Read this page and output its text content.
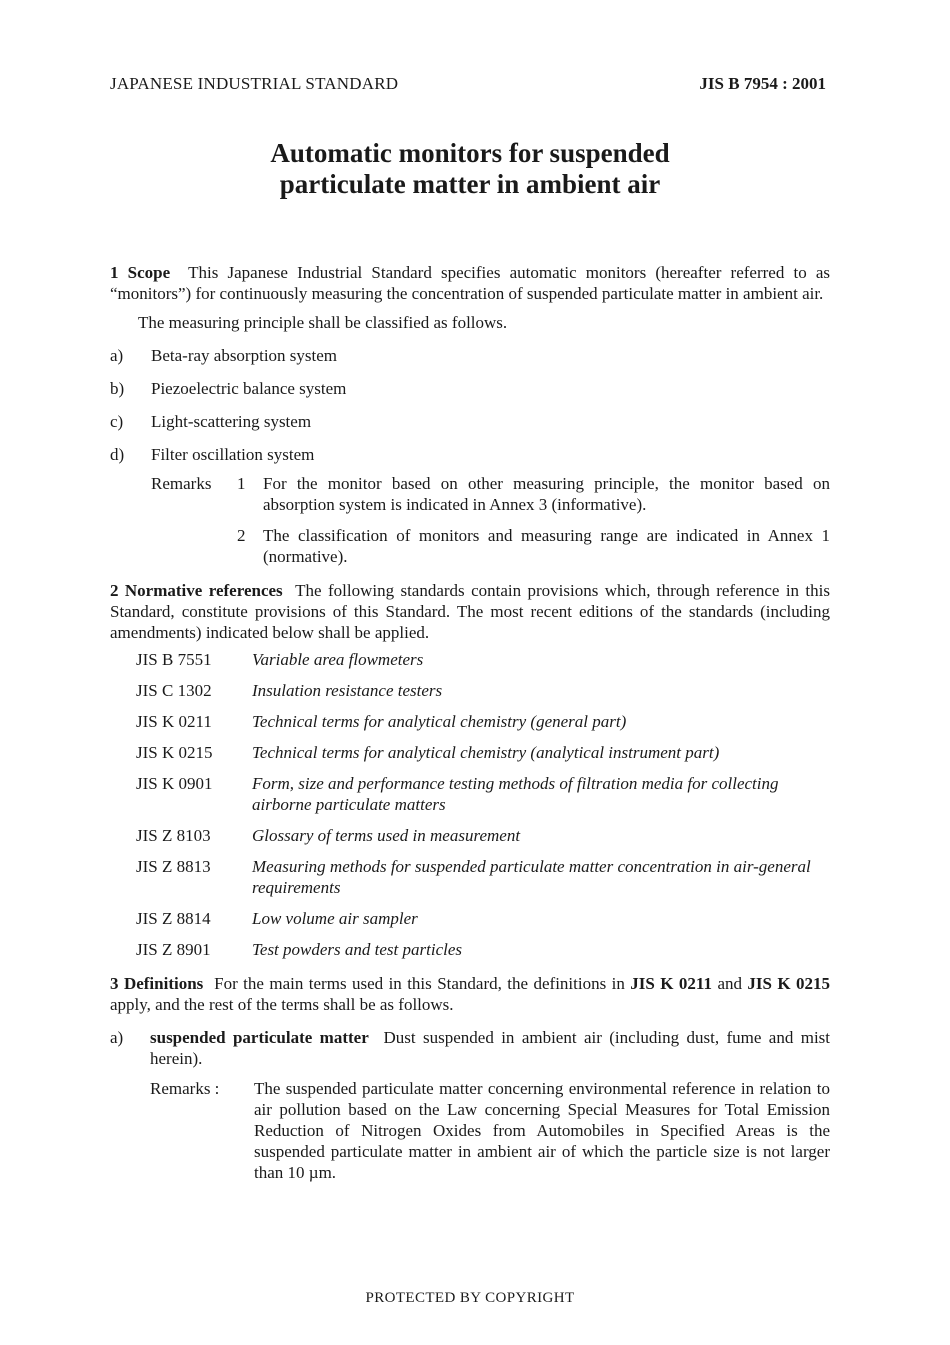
JAPANESE INDUSTRIAL STANDARD	JIS B 7954 : 2001
Automatic monitors for suspended
particulate matter in ambient air

1 Scope This Japanese Industrial Standard specifies automatic monitors (hereafter referred to as “monitors”) for continuously measuring the concentration of suspended particulate matter in ambient air.

The measuring principle shall be classified as follows.

a) Beta-ray absorption system
b) Piezoelectric balance system
c) Light-scattering system
d) Filter oscillation system
Remarks	1	For the monitor based on other measuring principle, the monitor based on absorption system is indicated in Annex 3 (informative).
2	The classification of monitors and measuring range are indicated in Annex 1 (normative).

2 Normative references The following standards contain provisions which, through reference in this Standard, constitute provisions of this Standard. The most recent editions of the standards (including amendments) indicated below shall be applied.

JIS B 7551	Variable area flowmeters
JIS C 1302	Insulation resistance testers
JIS K 0211	Technical terms for analytical chemistry (general part)
JIS K 0215	Technical terms for analytical chemistry (analytical instrument part)
JIS K 0901	Form, size and performance testing methods of filtration media for collecting airborne particulate matters
JIS Z 8103	Glossary of terms used in measurement
JIS Z 8813	Measuring methods for suspended particulate matter concentration in air-general requirements
JIS Z 8814	Low volume air sampler
JIS Z 8901	Test powders and test particles

3 Definitions For the main terms used in this Standard, the definitions in JIS K 0211 and JIS K 0215 apply, and the rest of the terms shall be as follows.

a) suspended particulate matter Dust suspended in ambient air (including dust, fume and mist herein).
Remarks :	The suspended particulate matter concerning environmental reference in relation to air pollution based on the Law concerning Special Measures for Total Emission Reduction of Nitrogen Oxides from Automobiles in Specified Areas is the suspended particulate matter in ambient air of which the particle size is not larger than 10 µm.
PROTECTED BY COPYRIGHT
